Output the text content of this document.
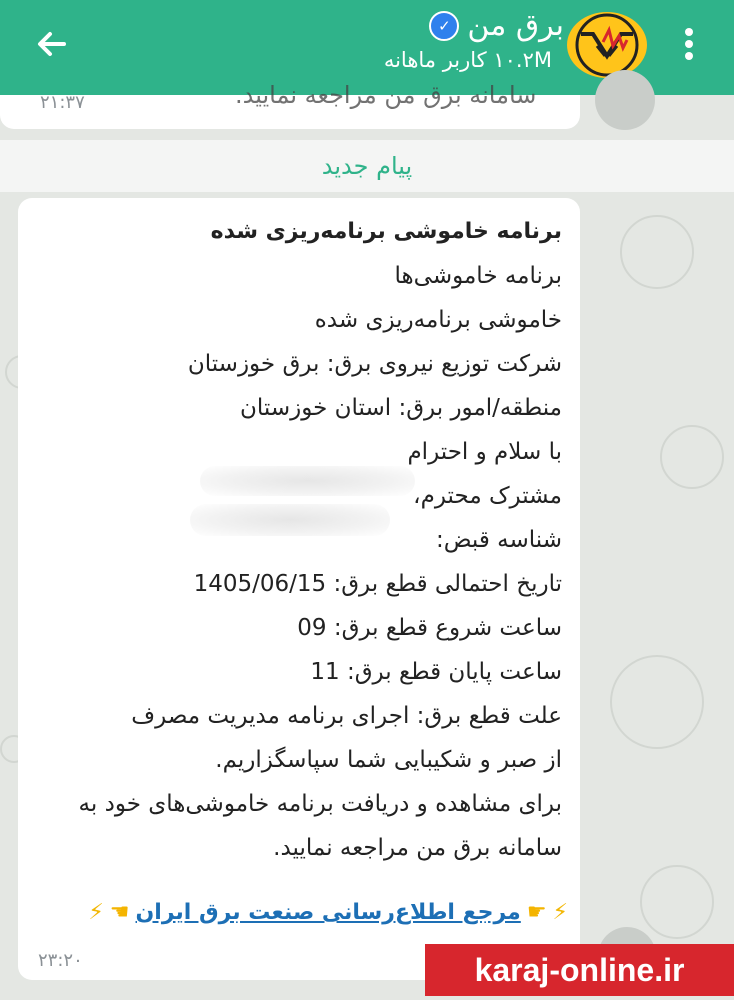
۱۰.۲M کاربر ماهانه
برق من
✓
سامانه برق من مراجعه نمایید.
۲۱:۳۷
پیام جدید
برنامه خاموشی برنامه‌ریزی شده
برنامه خاموشی‌ها
خاموشی برنامه‌ریزی شده
شرکت توزیع نیروی برق: برق خوزستان
منطقه/امور برق: استان خوزستان
با سلام و احترام
مشترک محترم،
شناسه قبض:
تاریخ احتمالی قطع برق: 1405/06/15
ساعت شروع قطع برق: 09
ساعت پایان قطع برق: 11
علت قطع برق: اجرای برنامه مدیریت مصرف
از صبر و شکیبایی شما سپاسگزاریم.
برای مشاهده و دریافت برنامه خاموشی‌های خود به
سامانه برق من مراجعه نمایید.
⚡
☛
مرجع اطلاع‌رسانی صنعت برق ایران
☚
⚡
۲۳:۲۰	karaj-online.ir
